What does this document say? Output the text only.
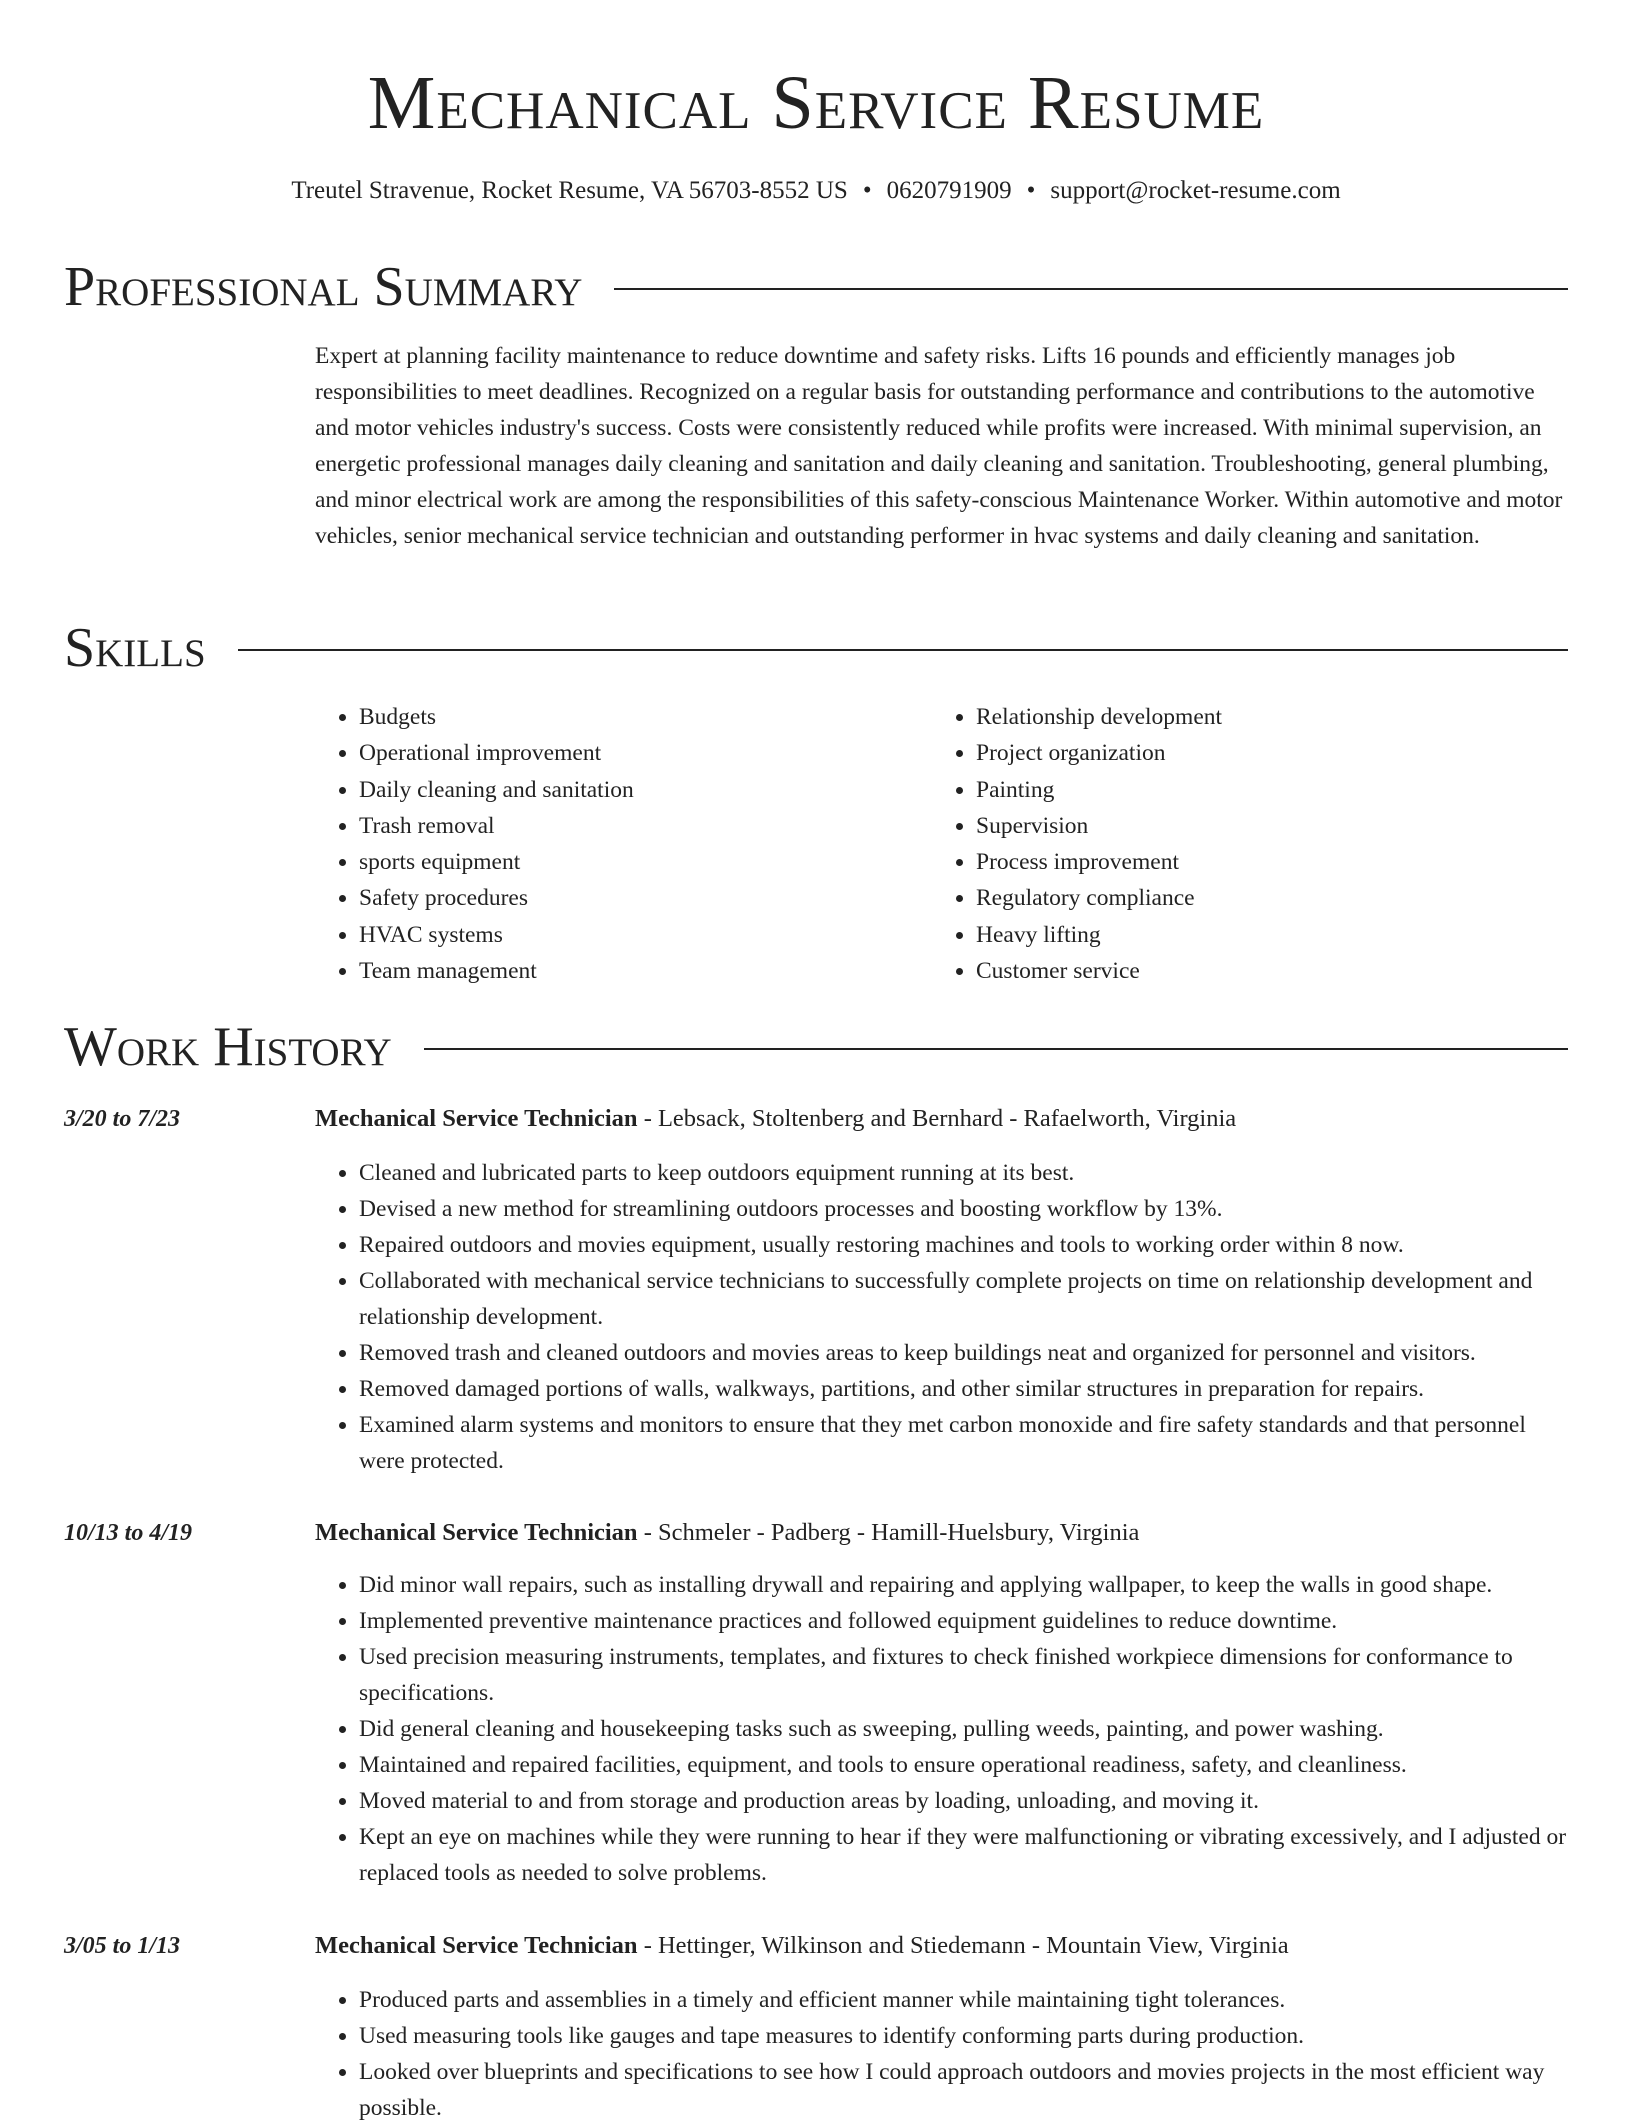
Mechanical Service Resume
Treutel Stravenue, Rocket Resume, VA 56703-8552 US • 0620791909 • support@rocket-resume.com
Professional Summary

Expert at planning facility maintenance to reduce downtime and safety risks. Lifts 16 pounds and efficiently manages job responsibilities to meet deadlines. Recognized on a regular basis for outstanding performance and contributions to the automotive and motor vehicles industry's success. Costs were consistently reduced while profits were increased. With minimal supervision, an energetic professional manages daily cleaning and sanitation and daily cleaning and sanitation. Troubleshooting, general plumbing, and minor electrical work are among the responsibilities of this safety-conscious Maintenance Worker. Within automotive and motor vehicles, senior mechanical service technician and outstanding performer in hvac systems and daily cleaning and sanitation.

Skills
• Budgets
• Operational improvement
• Daily cleaning and sanitation
• Trash removal
• sports equipment
• Safety procedures
• HVAC systems
• Team management
• Relationship development
• Project organization
• Painting
• Supervision
• Process improvement
• Regulatory compliance
• Heavy lifting
• Customer service
Work History
3/20 to 7/23	Mechanical Service Technician - Lebsack, Stoltenberg and Bernhard - Rafaelworth, Virginia
• Cleaned and lubricated parts to keep outdoors equipment running at its best.
• Devised a new method for streamlining outdoors processes and boosting workflow by 13%.
• Repaired outdoors and movies equipment, usually restoring machines and tools to working order within 8 now.
• Collaborated with mechanical service technicians to successfully complete projects on time on relationship development and relationship development.
• Removed trash and cleaned outdoors and movies areas to keep buildings neat and organized for personnel and visitors.
• Removed damaged portions of walls, walkways, partitions, and other similar structures in preparation for repairs.
• Examined alarm systems and monitors to ensure that they met carbon monoxide and fire safety standards and that personnel were protected.
10/13 to 4/19	Mechanical Service Technician - Schmeler - Padberg - Hamill-Huelsbury, Virginia
• Did minor wall repairs, such as installing drywall and repairing and applying wallpaper, to keep the walls in good shape.
• Implemented preventive maintenance practices and followed equipment guidelines to reduce downtime.
• Used precision measuring instruments, templates, and fixtures to check finished workpiece dimensions for conformance to specifications.
• Did general cleaning and housekeeping tasks such as sweeping, pulling weeds, painting, and power washing.
• Maintained and repaired facilities, equipment, and tools to ensure operational readiness, safety, and cleanliness.
• Moved material to and from storage and production areas by loading, unloading, and moving it.
• Kept an eye on machines while they were running to hear if they were malfunctioning or vibrating excessively, and I adjusted or replaced tools as needed to solve problems.
3/05 to 1/13	Mechanical Service Technician - Hettinger, Wilkinson and Stiedemann - Mountain View, Virginia
• Produced parts and assemblies in a timely and efficient manner while maintaining tight tolerances.
• Used measuring tools like gauges and tape measures to identify conforming parts during production.
• Looked over blueprints and specifications to see how I could approach outdoors and movies projects in the most efficient way possible.
